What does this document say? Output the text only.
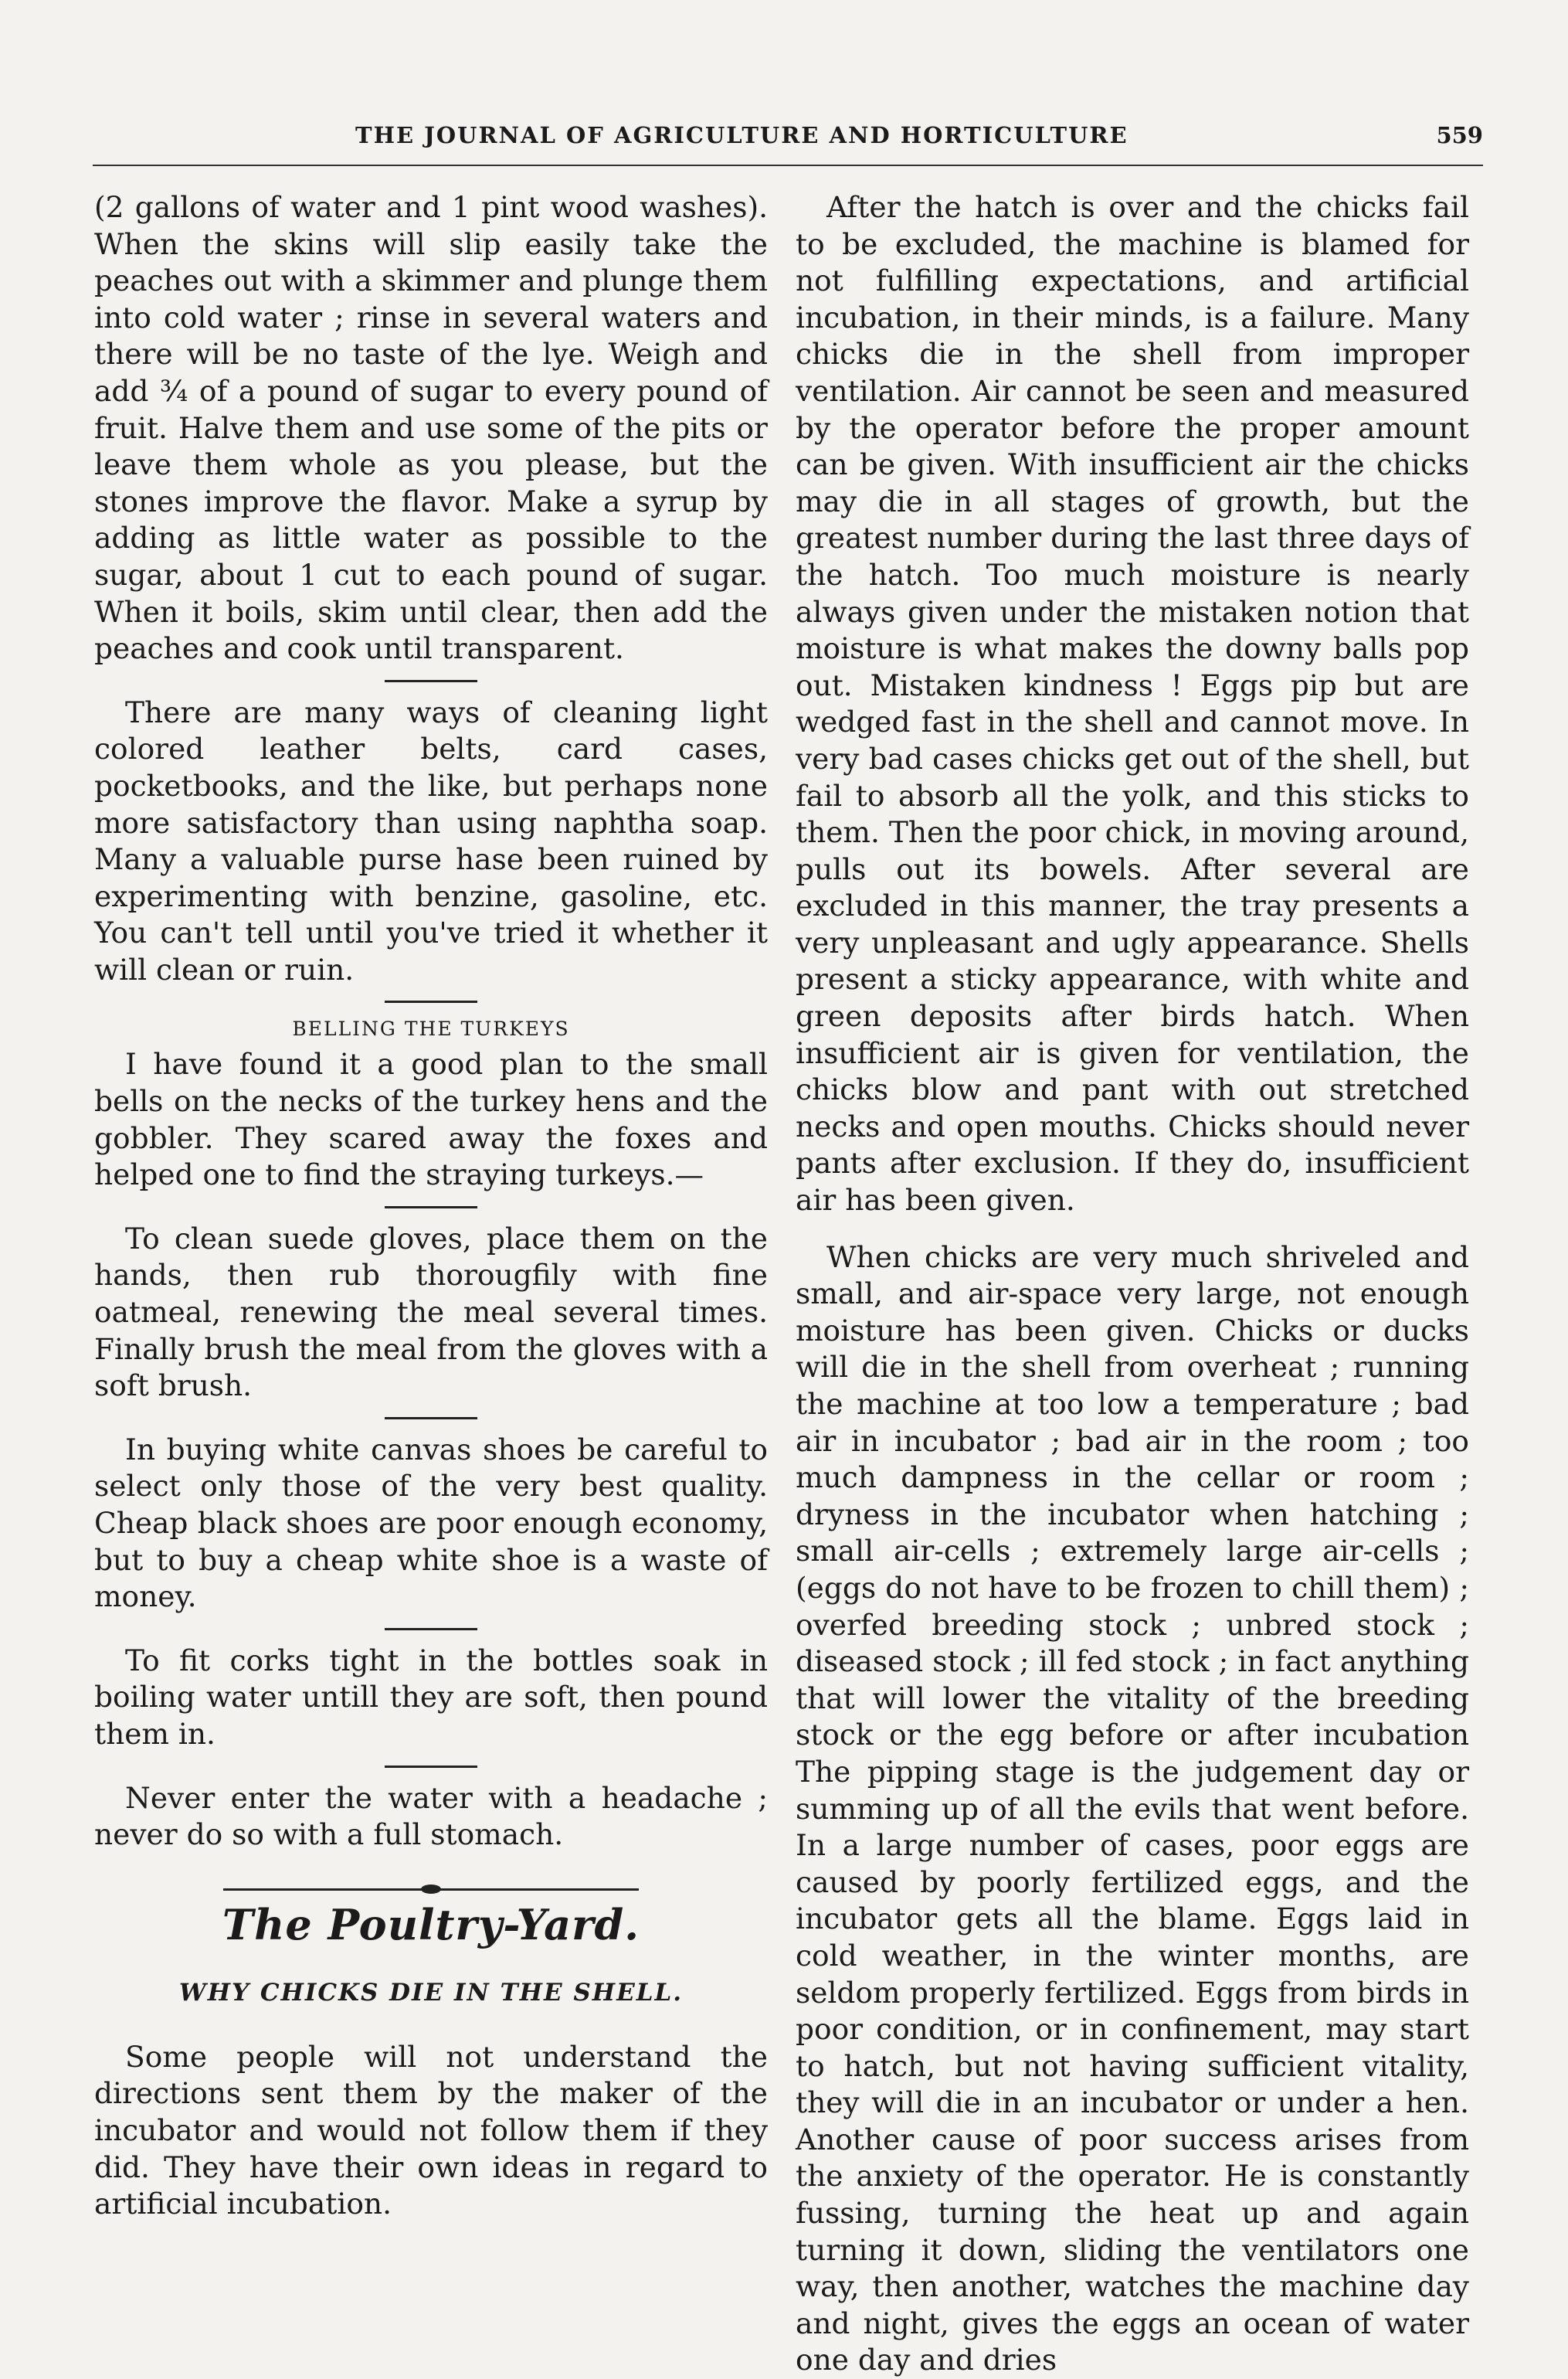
THE JOURNAL OF AGRICULTURE AND HORTICULTURE	559

(2 gallons of water and 1 pint wood washes). When the skins will slip easily take the peaches out with a skimmer and plunge them into cold water ; rinse in several waters and there will be no taste of the lye. Weigh and add ¾ of a pound of sugar to every pound of fruit. Halve them and use some of the pits or leave them whole as you please, but the stones improve the flavor. Make a syrup by adding as little water as possible to the sugar, about 1 cut to each pound of sugar. When it boils, skim until clear, then add the peaches and cook until transparent.

There are many ways of cleaning light colored leather belts, card cases, pocketbooks, and the like, but perhaps none more satisfactory than using naphtha soap. Many a valuable purse hase been ruined by experimenting with benzine, gasoline, etc. You can't tell until you've tried it whether it will clean or ruin.

BELLING THE TURKEYS

I have found it a good plan to the small bells on the necks of the turkey hens and the gobbler. They scared away the foxes and helped one to find the straying turkeys.—

To clean suede gloves, place them on the hands, then rub thorougfily with fine oatmeal, renewing the meal several times. Finally brush the meal from the gloves with a soft brush.

In buying white canvas shoes be careful to select only those of the very best quality. Cheap black shoes are poor enough economy, but to buy a cheap white shoe is a waste of money.

To fit corks tight in the bottles soak in boiling water untill they are soft, then pound them in.

Never enter the water with a headache ; never do so with a full stomach.

The Poultry-Yard.
WHY CHICKS DIE IN THE SHELL.

Some people will not understand the directions sent them by the maker of the incubator and would not follow them if they did. They have their own ideas in regard to artificial incubation.

After the hatch is over and the chicks fail to be excluded, the machine is blamed for not fulfilling expectations, and artificial incubation, in their minds, is a failure. Many chicks die in the shell from improper ventilation. Air cannot be seen and measured by the operator before the proper amount can be given. With insufficient air the chicks may die in all stages of growth, but the greatest number during the last three days of the hatch. Too much moisture is nearly always given under the mistaken notion that moisture is what makes the downy balls pop out. Mistaken kindness ! Eggs pip but are wedged fast in the shell and cannot move. In very bad cases chicks get out of the shell, but fail to absorb all the yolk, and this sticks to them. Then the poor chick, in moving around, pulls out its bowels. After several are excluded in this manner, the tray presents a very unpleasant and ugly appearance. Shells present a sticky appearance, with white and green deposits after birds hatch. When insufficient air is given for ventilation, the chicks blow and pant with out stretched necks and open mouths. Chicks should never pants after exclusion. If they do, insufficient air has been given.

When chicks are very much shriveled and small, and air-space very large, not enough moisture has been given. Chicks or ducks will die in the shell from overheat ; running the machine at too low a temperature ; bad air in incubator ; bad air in the room ; too much dampness in the cellar or room ; dryness in the incubator when hatching ; small air-cells ; extremely large air-cells ; (eggs do not have to be frozen to chill them) ; overfed breeding stock ; unbred stock ; diseased stock ; ill fed stock ; in fact anything that will lower the vitality of the breeding stock or the egg before or after incubation The pipping stage is the judgement day or summing up of all the evils that went before. In a large number of cases, poor eggs are caused by poorly fertilized eggs, and the incubator gets all the blame. Eggs laid in cold weather, in the winter months, are seldom properly fertilized. Eggs from birds in poor condition, or in confinement, may start to hatch, but not having sufficient vitality, they will die in an incubator or under a hen. Another cause of poor success arises from the anxiety of the operator. He is constantly fussing, turning the heat up and again turning it down, sliding the ventilators one way, then another, watches the machine day and night, gives the eggs an ocean of water one day and dries
